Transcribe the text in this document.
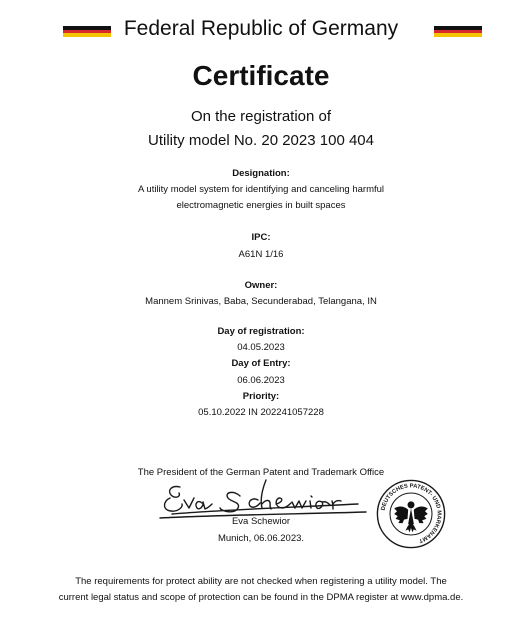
Federal Republic of Germany
Certificate
On the registration of
Utility model No. 20 2023 100 404
Designation:
A utility model system for identifying and canceling harmful
electromagnetic energies in built spaces
IPC:
A61N 1/16
Owner:
Mannem Srinivas, Baba, Secunderabad, Telangana, IN
Day of registration:
04.05.2023
Day of Entry:
06.06.2023
Priority:
05.10.2022 IN 202241057228
The President of the German Patent and Trademark Office
Eva Schewior
Munich, 06.06.2023.
DEUTSCHES PATENT- UND MARKENAMT
The requirements for protect ability are not checked when registering a utility model. The
current legal status and scope of protection can be found in the DPMA register at www.dpma.de.
